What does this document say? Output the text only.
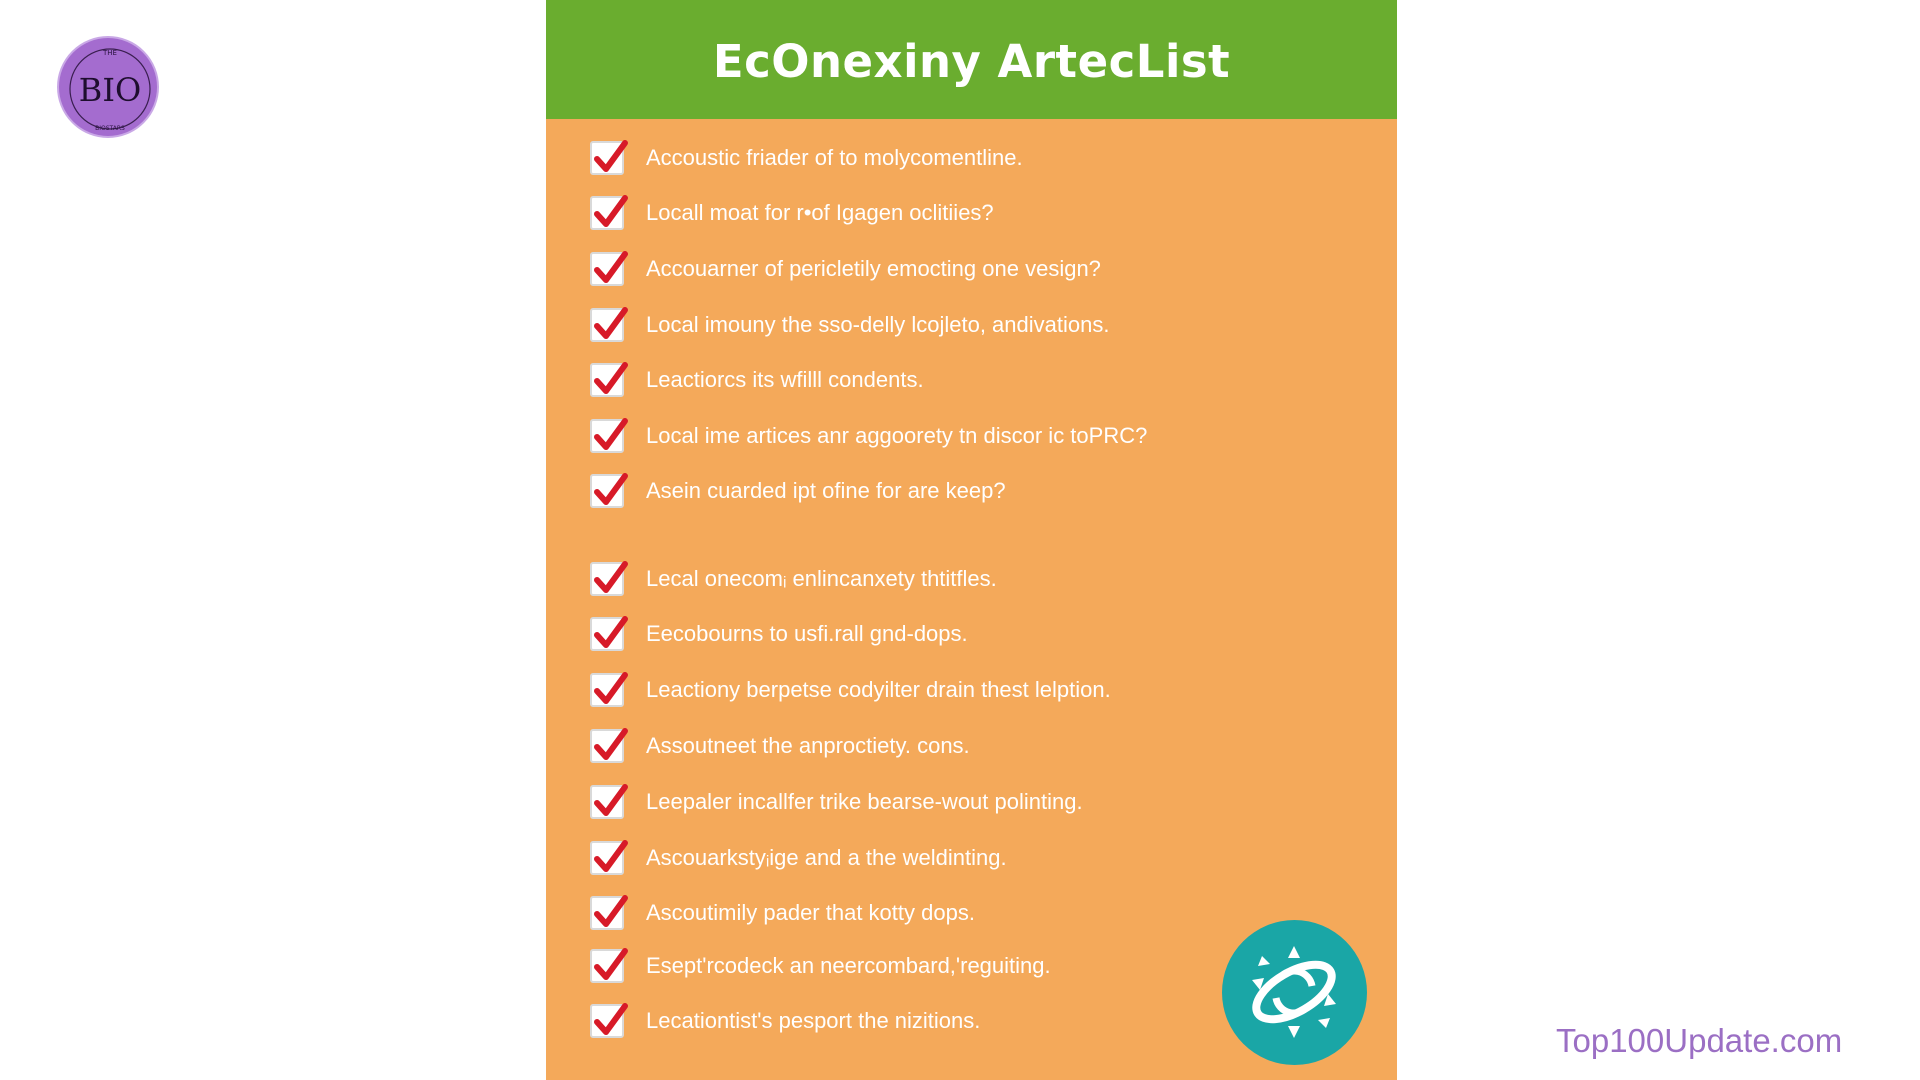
THE
BIO
BIOSTARS
EcOnexiny ArtecList
Accoustic friader of to molycomentline.
Locall moat for r•of Igagen oclitiies?
Accouarner of pericletily emocting one vesign?
Local imouny the sso-delly lcojleto, andivations.
Leactiorcs its wfilll condents.
Local ime artices anr aggoorety tn discor ic toPRC?
Asein cuarded ipt ofine for are keep?
Lecal onecomᵢ enlincanxety thtitfles.
Eecobourns to usfi.rall gnd-dops.
Leactiony berpetse codyilter drain thest lelption.
Assoutneet the anproctiety. cons.
Leepaler incallfer trike bearse-wout polinting.
Ascouarkstyᵢige and a the weldinting.
Ascoutimily pader that kotty dops.
Esept'rcodeck an neercombard,'reguiting.
Lecationtist's pesport the nizitions.
Top100Update.com
